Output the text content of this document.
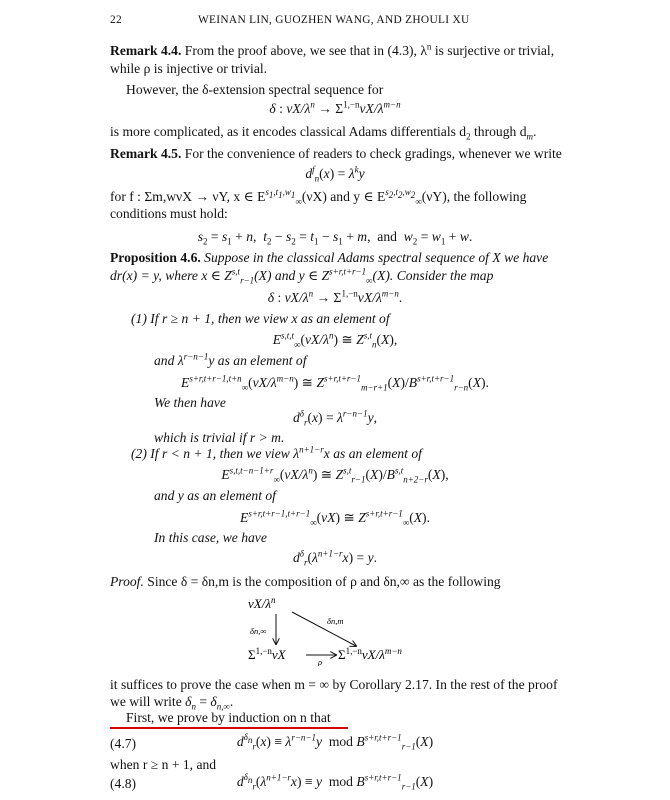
22	WEINAN LIN, GUOZHEN WANG, AND ZHOULI XU
Remark 4.4. From the proof above, we see that in (4.3), $\lambda^n$ is surjective or trivial,
while ρ is injective or trivial.
However, the δ-extension spectral sequence for
δ : $\nu X/\lambda^n \to \Sigma^{1,-n}\nu X/\lambda^{m-n}$
is more complicated, as it encodes classical Adams differentials $d_2$ through $d_m$.
Remark 4.5. For the convenience of readers to check gradings, whenever we write
$d^f_n(x) = \lambda^ky$
for f : Σm,wνX → νY, x ∈ $E^{s_1,t_1,w_1}_\infty(\nu X)$ and y ∈ $E^{s_2,t_2,w_2}_\infty(\nu Y)$, the following
conditions must hold:
$s_2 = s_1 + n$,  $t_2 - s_2 = t_1 - s_1 + m$,  and  $w_2 = w_1 + w$.
Proposition 4.6. Suppose in the classical Adams spectral sequence of X we have
dr(x) = y, where x ∈ Z$^{s,t}_{r-1}$(X) and y ∈ $Z^{s+r,t+r-1}_\infty(X)$. Consider the map
δ : $\nu X/\lambda^n \to \Sigma^{1,-n}\nu X/\lambda^{m-n}$.
(1) If r ≥ n + 1, then we view x as an element of
$E^{s,t,t}_\infty(\nu X/\lambda^n)$ ≅ Z$^{s,t}_n$(X),
and $\lambda^{r-n-1}y$ as an element of
$E^{s+r,t+r-1,t+n}_\infty(\nu X/\lambda^{m-n})$ ≅ $Z^{s+r,t+r-1}_{m-r+1}(X)/B^{s+r,t+r-1}_{r-n}(X)$.
We then have
$d^\delta_r(x) = \lambda^{r-n-1}y$,
which is trivial if r > m.
(2) If r < n + 1, then we view $\lambda^{n+1-r}x$ as an element of
$E^{s,t,t-n-1+r}_\infty(\nu X/\lambda^n)$ ≅ $Z^{s,t}_{r-1}(X)/B^{s,t}_{n+2-r}(X)$,
and y as an element of
$E^{s+r,t+r-1,t+r-1}_\infty(\nu X)$ ≅ $Z^{s+r,t+r-1}_\infty(X)$.
In this case, we have
$d^\delta_r(\lambda^{n+1-r}x) = y$.
Proof. Since δ = δn,m is the composition of ρ and δn,∞ as the following
$\nu X/\lambda^n$
δn,∞
δn,m
$\Sigma^{1,-n}\nu X$	ρ $\Sigma^{1,-n}\nu X/\lambda^{m-n}$
it suffices to prove the case when m = ∞ by Corollary 2.17. In the rest of the proof
we will write $\delta_n = \delta_{n,\infty}$.
First, we prove by induction on n that
(4.7)	$d^{\delta_n}_r(x) \equiv \lambda^{r-n-1}y$  mod $B^{s+r,t+r-1}_{r-1}(X)$
when r ≥ n + 1, and
(4.8)	$d^{\delta_n}_r(\lambda^{n+1-r}x) \equiv y$  mod $B^{s+r,t+r-1}_{r-1}(X)$
